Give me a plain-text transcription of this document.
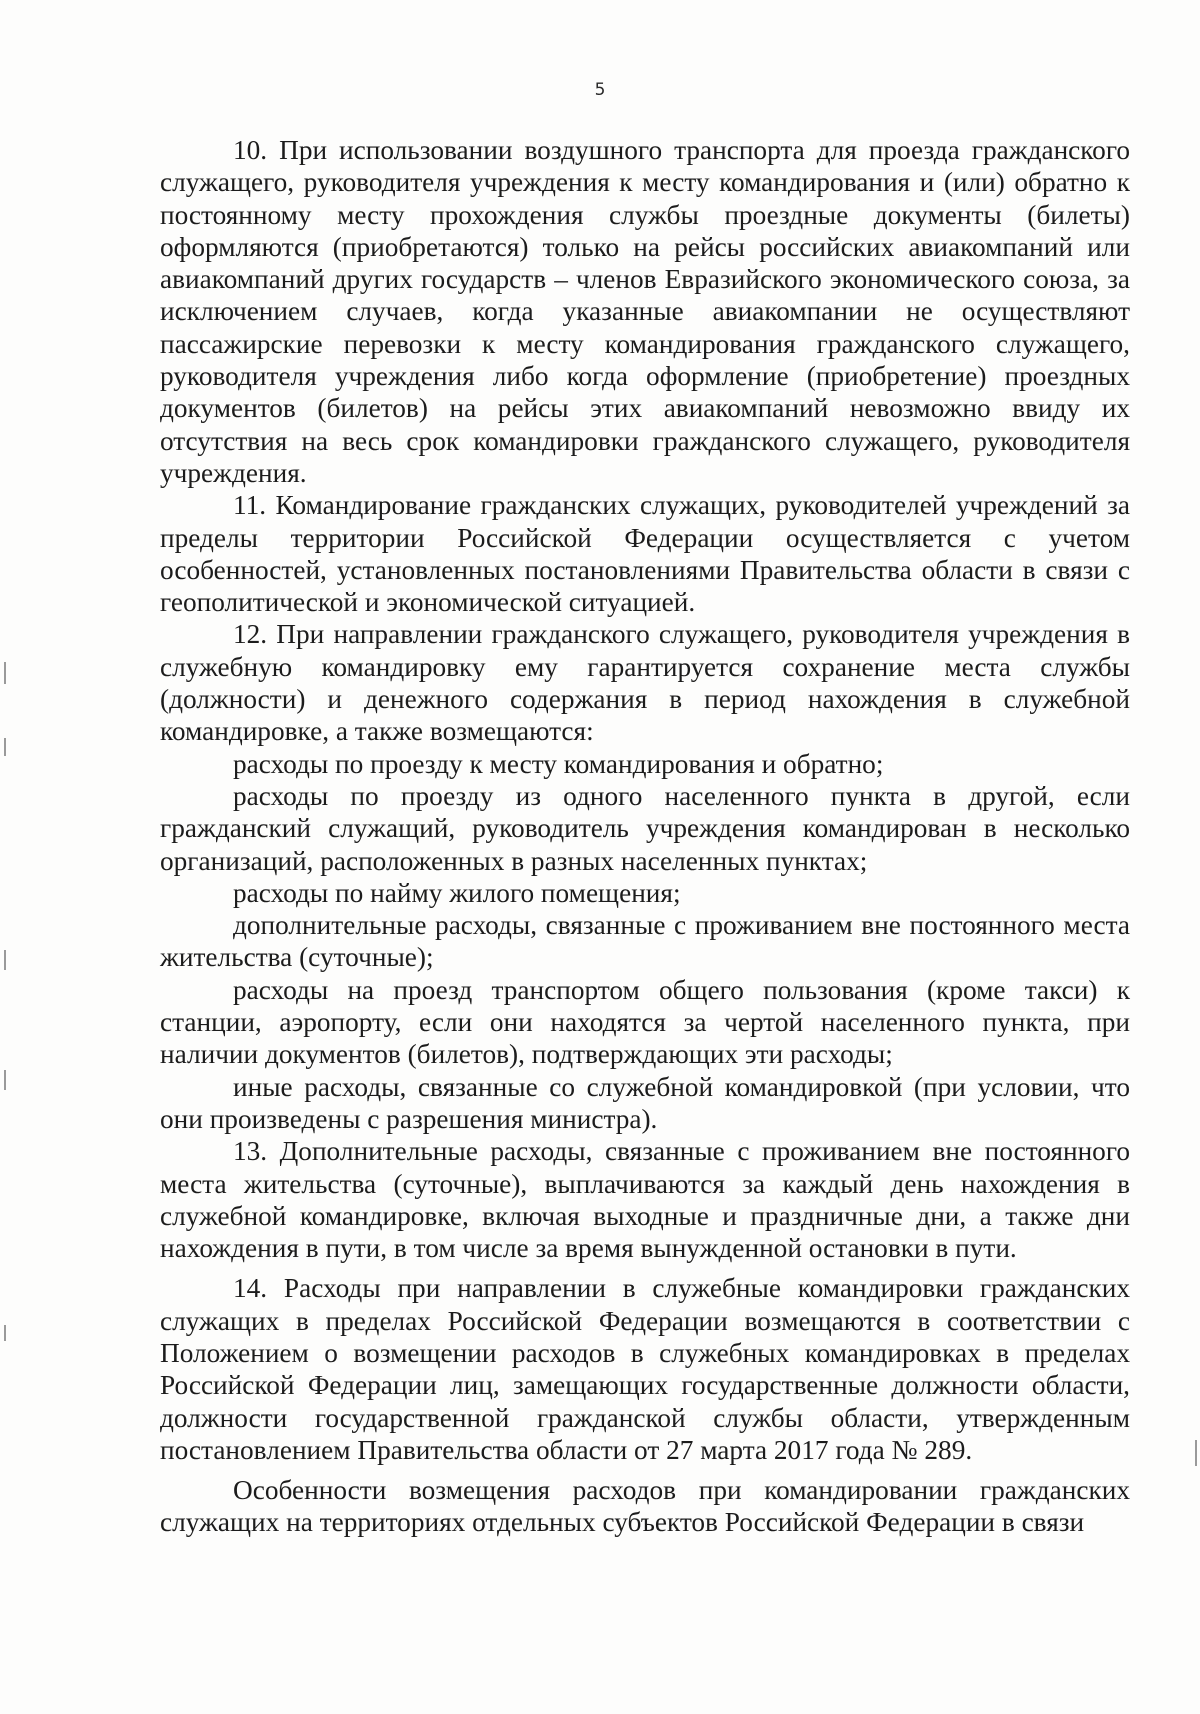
5

10. При использовании воздушного транспорта для проезда гражданского служащего, руководителя учреждения к месту командирования и (или) обратно к постоянному месту прохождения службы проездные документы (билеты) оформляются (приобретаются) только на рейсы российских авиакомпаний или авиакомпаний других государств – членов Евразийского экономического союза, за исключением случаев, когда указанные авиакомпании не осуществляют пассажирские перевозки к месту командирования гражданского служащего, руководителя учреждения либо когда оформление (приобретение) проездных документов (билетов) на рейсы этих авиакомпаний невозможно ввиду их отсутствия на весь срок командировки гражданского служащего, руководителя учреждения.

11. Командирование гражданских служащих, руководителей учреждений за пределы территории Российской Федерации осуществляется с учетом особенностей, установленных постановлениями Правительства области в связи с геополитической и экономической ситуацией.

12. При направлении гражданского служащего, руководителя учреждения в служебную командировку ему гарантируется сохранение места службы (должности) и денежного содержания в период нахождения в служебной командировке, а также возмещаются:

расходы по проезду к месту командирования и обратно;

расходы по проезду из одного населенного пункта в другой, если гражданский служащий, руководитель учреждения командирован в несколько организаций, расположенных в разных населенных пунктах;

расходы по найму жилого помещения;

дополнительные расходы, связанные с проживанием вне постоянного места жительства (суточные);

расходы на проезд транспортом общего пользования (кроме такси) к станции, аэропорту, если они находятся за чертой населенного пункта, при наличии документов (билетов), подтверждающих эти расходы;

иные расходы, связанные со служебной командировкой (при условии, что они произведены с разрешения министра).

13. Дополнительные расходы, связанные с проживанием вне постоянного места жительства (суточные), выплачиваются за каждый день нахождения в служебной командировке, включая выходные и праздничные дни, а также дни нахождения в пути, в том числе за время вынужденной остановки в пути.

14. Расходы при направлении в служебные командировки гражданских служащих в пределах Российской Федерации возмещаются в соответствии с Положением о возмещении расходов в служебных командировках в пределах Российской Федерации лиц, замещающих государственные должности области, должности государственной гражданской службы области, утвержденным постановлением Правительства области от 27 марта 2017 года № 289.

Особенности возмещения расходов при командировании гражданских служащих на территориях отдельных субъектов Российской Федерации в связи
